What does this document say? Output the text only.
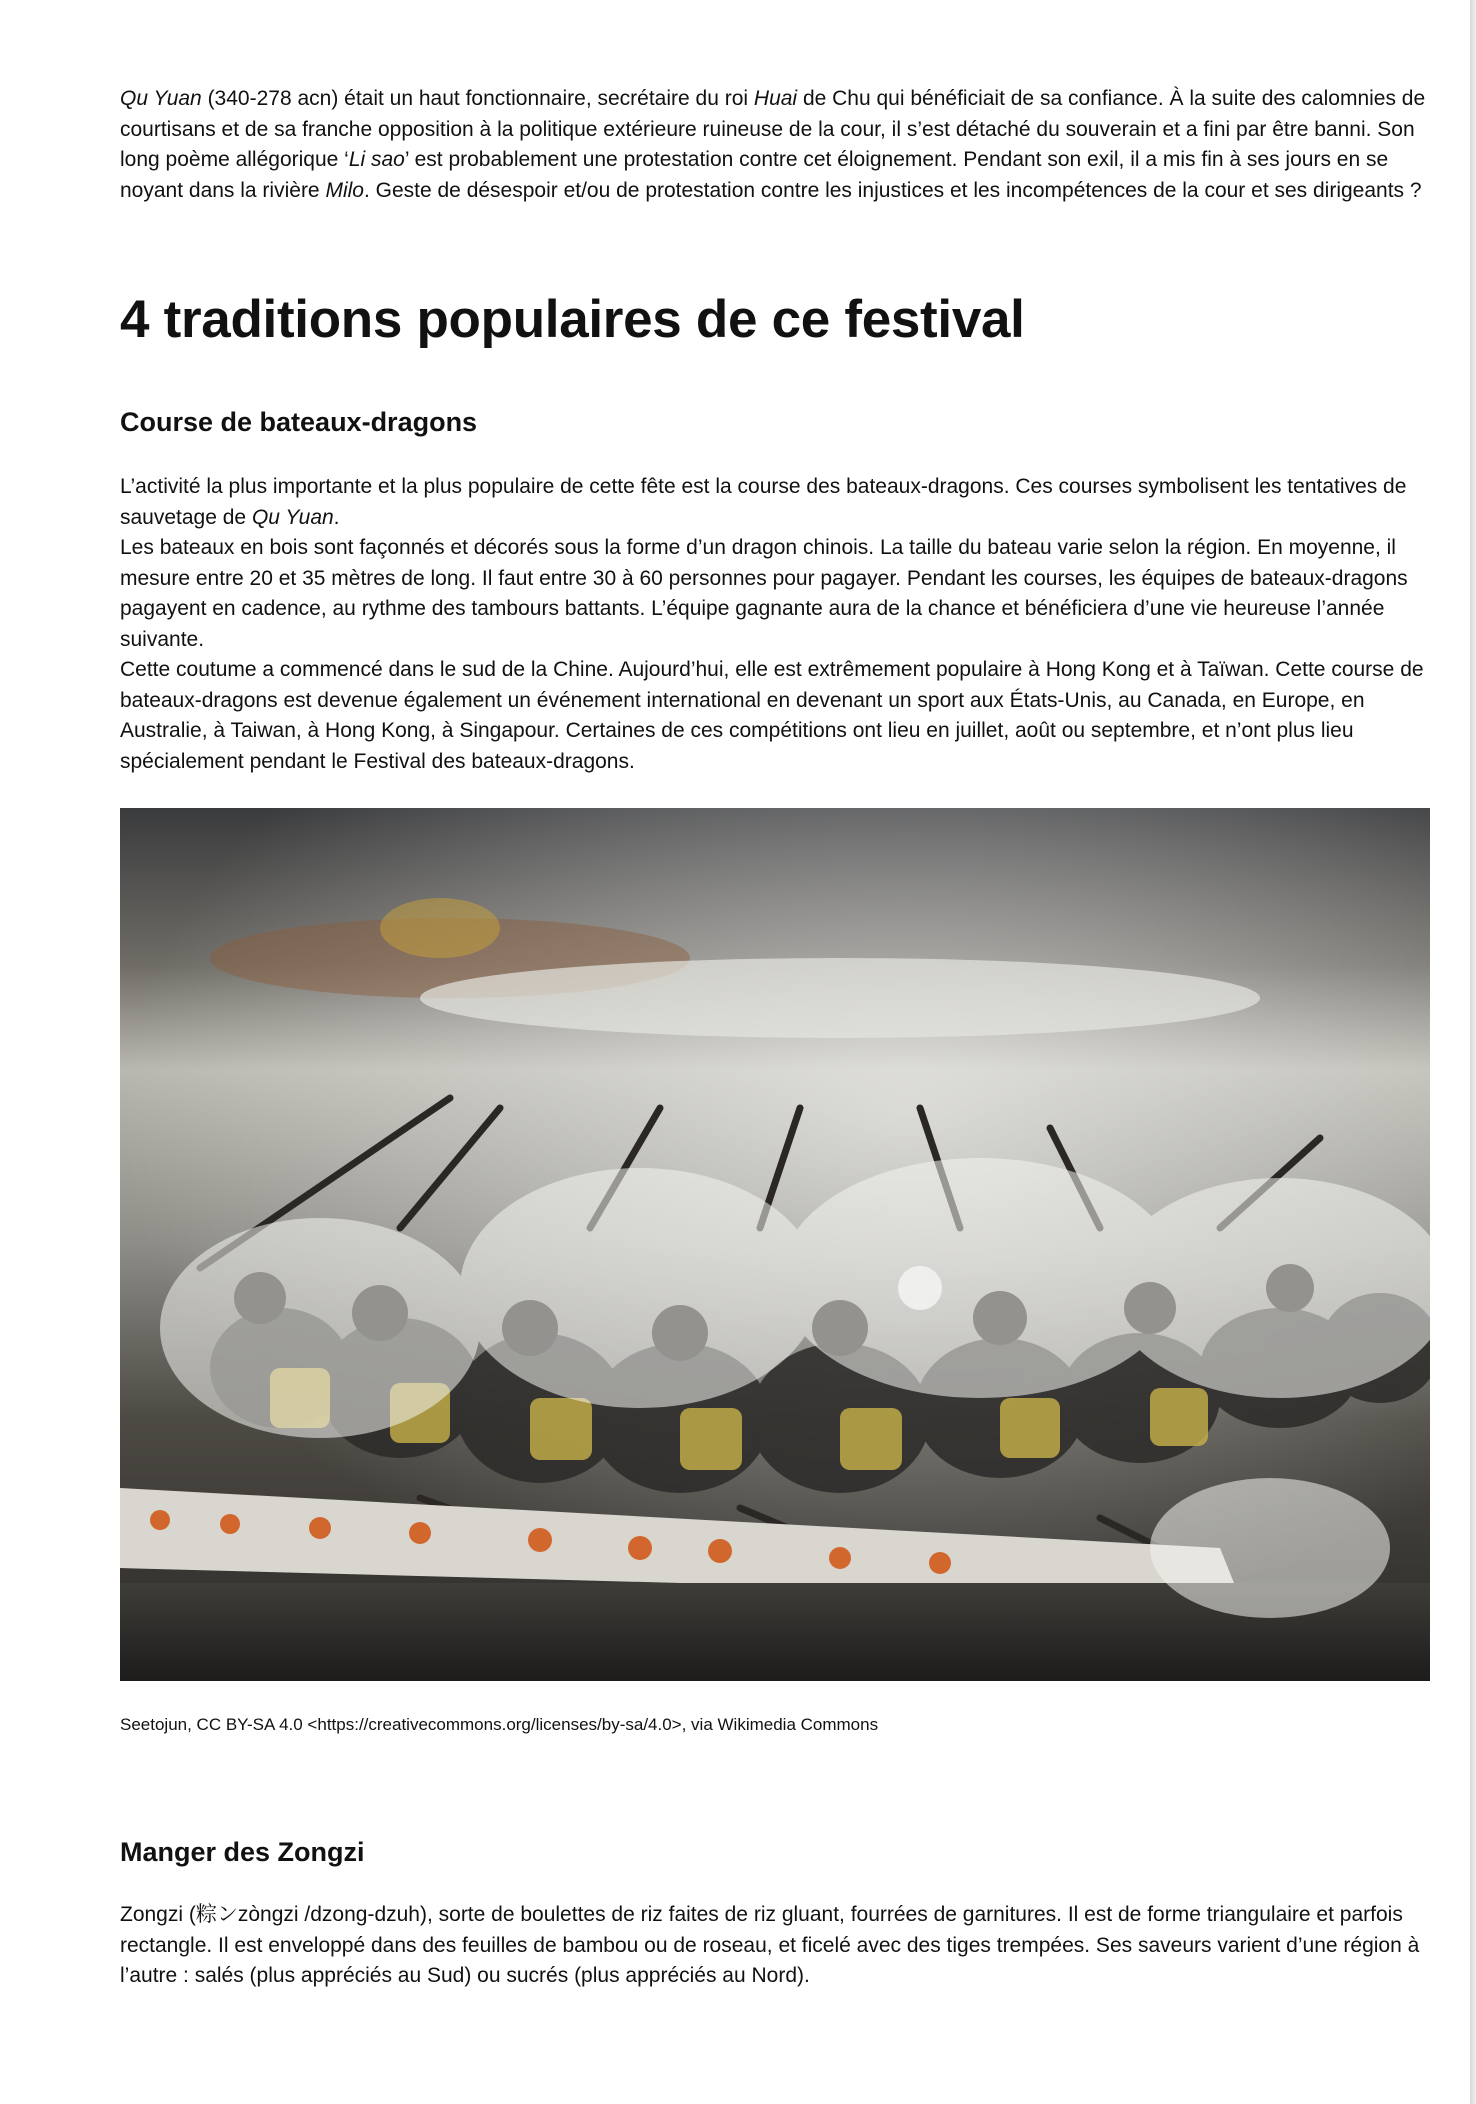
Qu Yuan (340-278 acn) était un haut fonctionnaire, secrétaire du roi Huai de Chu qui bénéficiait de sa confiance. À la suite des calomnies de courtisans et de sa franche opposition à la politique extérieure ruineuse de la cour, il s’est détaché du souverain et a fini par être banni. Son long poème allégorique ‘Li sao’ est probablement une protestation contre cet éloignement. Pendant son exil, il a mis fin à ses jours en se noyant dans la rivière Milo. Geste de désespoir et/ou de protestation contre les injustices et les incompétences de la cour et ses dirigeants ?

4 traditions populaires de ce festival
Course de bateaux-dragons

L’activité la plus importante et la plus populaire de cette fête est la course des bateaux-dragons. Ces courses symbolisent les tentatives de sauvetage de Qu Yuan.

Les bateaux en bois sont façonnés et décorés sous la forme d’un dragon chinois. La taille du bateau varie selon la région. En moyenne, il mesure entre 20 et 35 mètres de long. Il faut entre 30 à 60 personnes pour pagayer. Pendant les courses, les équipes de bateaux-dragons pagayent en cadence, au rythme des tambours battants. L’équipe gagnante aura de la chance et bénéficiera d’une vie heureuse l’année suivante.

Cette coutume a commencé dans le sud de la Chine. Aujourd’hui, elle est extrêmement populaire à Hong Kong et à Taïwan. Cette course de bateaux-dragons est devenue également un événement international en devenant un sport aux États-Unis, au Canada, en Europe, en Australie, à Taiwan, à Hong Kong, à Singapour. Certaines de ces compétitions ont lieu en juillet, août ou septembre, et n’ont plus lieu spécialement pendant le Festival des bateaux-dragons.

Seetojun, CC BY-SA 4.0 <https://creativecommons.org/licenses/by-sa/4.0>, via Wikimedia Commons

Manger des Zongzi

Zongzi (粽ンzòngzi /dzong-dzuh), sorte de boulettes de riz faites de riz gluant, fourrées de garnitures. Il est de forme triangulaire et parfois rectangle. Il est enveloppé dans des feuilles de bambou ou de roseau, et ficelé avec des tiges trempées. Ses saveurs varient d’une région à l’autre : salés (plus appréciés au Sud) ou sucrés (plus appréciés au Nord).
